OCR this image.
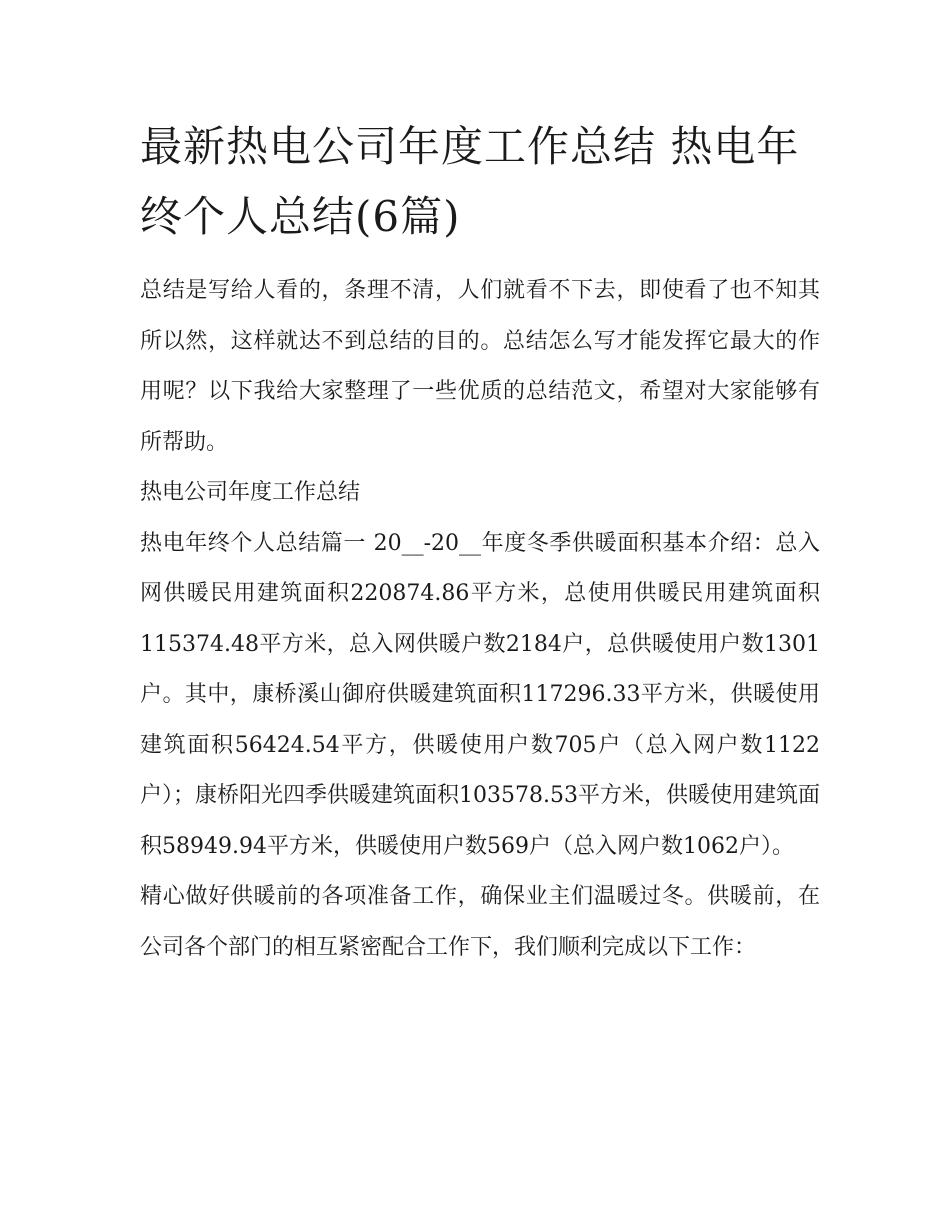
最新热电公司年度工作总结 热电年终个人总结(6篇)

总结是写给人看的，条理不清，人们就看不下去，即使看了也不知其所以然，这样就达不到总结的目的。总结怎么写才能发挥它最大的作用呢？以下我给大家整理了一些优质的总结范文，希望对大家能够有所帮助。

热电公司年度工作总结

热电年终个人总结篇一 20__-20__年度冬季供暖面积基本介绍：总入网供暖民用建筑面积220874.86平方米，总使用供暖民用建筑面积115374.48平方米，总入网供暖户数2184户，总供暖使用户数1301户。其中，康桥溪山御府供暖建筑面积117296.33平方米，供暖使用建筑面积56424.54平方，供暖使用户数705户（总入网户数1122户）；康桥阳光四季供暖建筑面积103578.53平方米，供暖使用建筑面积58949.94平方米，供暖使用户数569户（总入网户数1062户）。

精心做好供暖前的各项准备工作，确保业主们温暖过冬。供暖前，在公司各个部门的相互紧密配合工作下，我们顺利完成以下工作：
